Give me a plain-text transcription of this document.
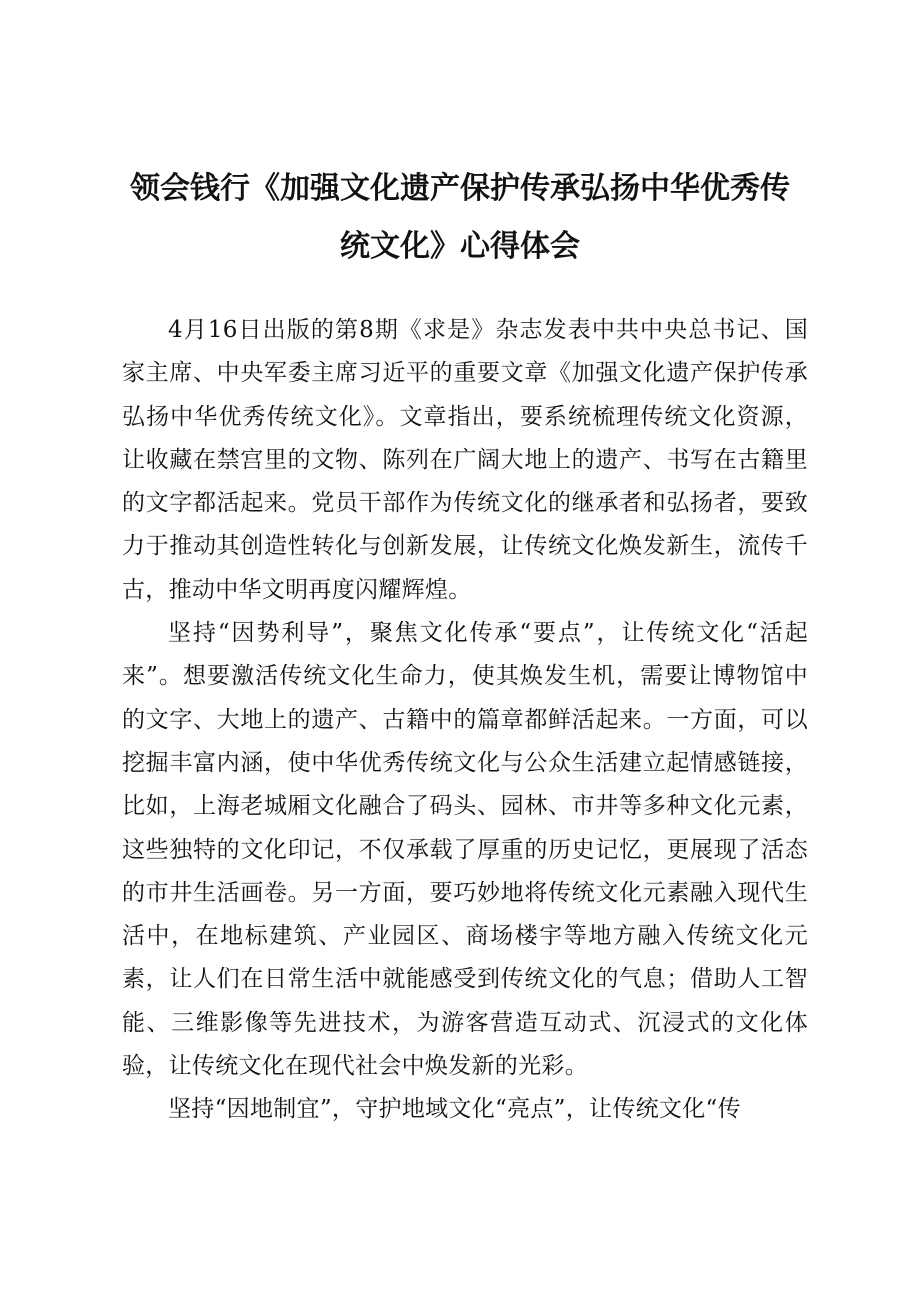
领会钱行《加强文化遗产保护传承弘扬中华优秀传统文化》心得体会

4月16日出版的第8期《求是》杂志发表中共中央总书记、国家主席、中央军委主席习近平的重要文章《加强文化遗产保护传承弘扬中华优秀传统文化》。文章指出，要系统梳理传统文化资源，让收藏在禁宫里的文物、陈列在广阔大地上的遗产、书写在古籍里的文字都活起来。党员干部作为传统文化的继承者和弘扬者，要致力于推动其创造性转化与创新发展，让传统文化焕发新生，流传千古，推动中华文明再度闪耀辉煌。

坚持“因势利导”，聚焦文化传承“要点”，让传统文化“活起来”。想要激活传统文化生命力，使其焕发生机，需要让博物馆中的文字、大地上的遗产、古籍中的篇章都鲜活起来。一方面，可以挖掘丰富内涵，使中华优秀传统文化与公众生活建立起情感链接，比如，上海老城厢文化融合了码头、园林、市井等多种文化元素，这些独特的文化印记，不仅承载了厚重的历史记忆，更展现了活态的市井生活画卷。另一方面，要巧妙地将传统文化元素融入现代生活中，在地标建筑、产业园区、商场楼宇等地方融入传统文化元素，让人们在日常生活中就能感受到传统文化的气息；借助人工智能、三维影像等先进技术，为游客营造互动式、沉浸式的文化体验，让传统文化在现代社会中焕发新的光彩。

坚持“因地制宜”，守护地域文化“亮点”，让传统文化“传
